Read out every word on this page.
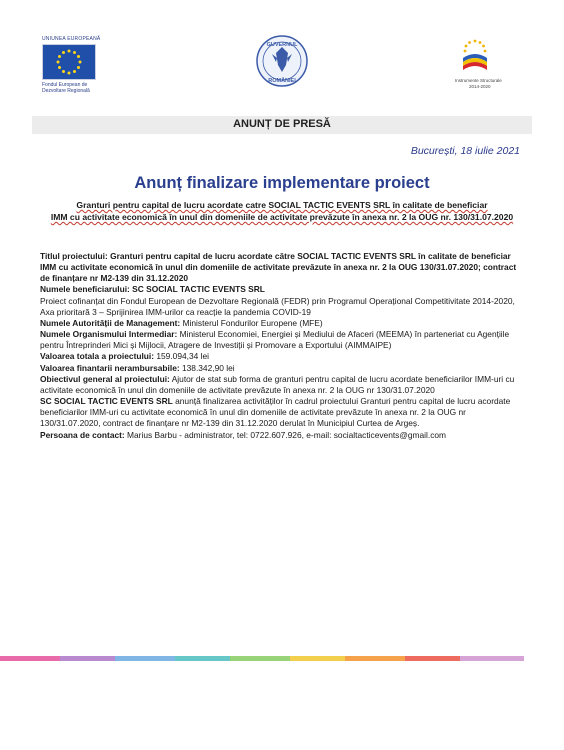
UNIUNEA EUROPEANĂ
Fondul European de
Dezvoltare Regională
GUVERNUL
ROMÂNIEI	Instrumente Structurale
2014-2020
ANUNȚ DE PRESĂ
București, 18 iulie 2021
Anunț finalizare implementare proiect
Granturi pentru capital de lucru acordate catre SOCIAL TACTIC EVENTS SRL în calitate de beneficiar
IMM cu activitate economică în unul din domeniile de activitate prevăzute în anexa nr. 2 la OUG nr. 130/31.07.2020

Titlul proiectului: Granturi pentru capital de lucru acordate către SOCIAL TACTIC EVENTS SRL în calitate de beneficiar IMM cu activitate economică în unul din domeniile de activitate prevăzute în anexa nr. 2 la OUG 130/31.07.2020; contract de finanțare nr M2-139 din 31.12.2020

Numele beneficiarului: SC SOCIAL TACTIC EVENTS SRL

Proiect cofinanțat din Fondul European de Dezvoltare Regională (FEDR) prin Programul Operațional Competitivitate 2014-2020, Axa prioritară 3 – Sprijinirea IMM-urilor ca reacție la pandemia COVID-19

Numele Autorității de Management: Ministerul Fondurilor Europene (MFE)

Numele Organismului Intermediar: Ministerul Economiei, Energiei și Mediului de Afaceri (MEEMA) în parteneriat cu Agențiile pentru Întreprinderi Mici și Mijlocii, Atragere de Investiții și Promovare a Exportului (AIMMAIPE)

Valoarea totala a proiectului: 159.094,34 lei

Valoarea finantarii nerambursabile: 138.342,90 lei

Obiectivul general al proiectului: Ajutor de stat sub forma de granturi pentru capital de lucru acordate beneficiarilor IMM-uri cu activitate economică în unul din domeniile de activitate prevăzute în anexa nr. 2 la OUG nr 130/31.07.2020

SC SOCIAL TACTIC EVENTS SRL anunță finalizarea activităților în cadrul proiectului Granturi pentru capital de lucru acordate beneficiarilor IMM-uri cu activitate economică în unul din domeniile de activitate prevăzute în anexa nr. 2 la OUG nr 130/31.07.2020, contract de finanțare nr M2-139 din 31.12.2020 derulat în Municipiul Curtea de Argeș.

Persoana de contact: Marius Barbu - administrator, tel: 0722.607.926, e-mail: socialtacticevents@gmail.com
